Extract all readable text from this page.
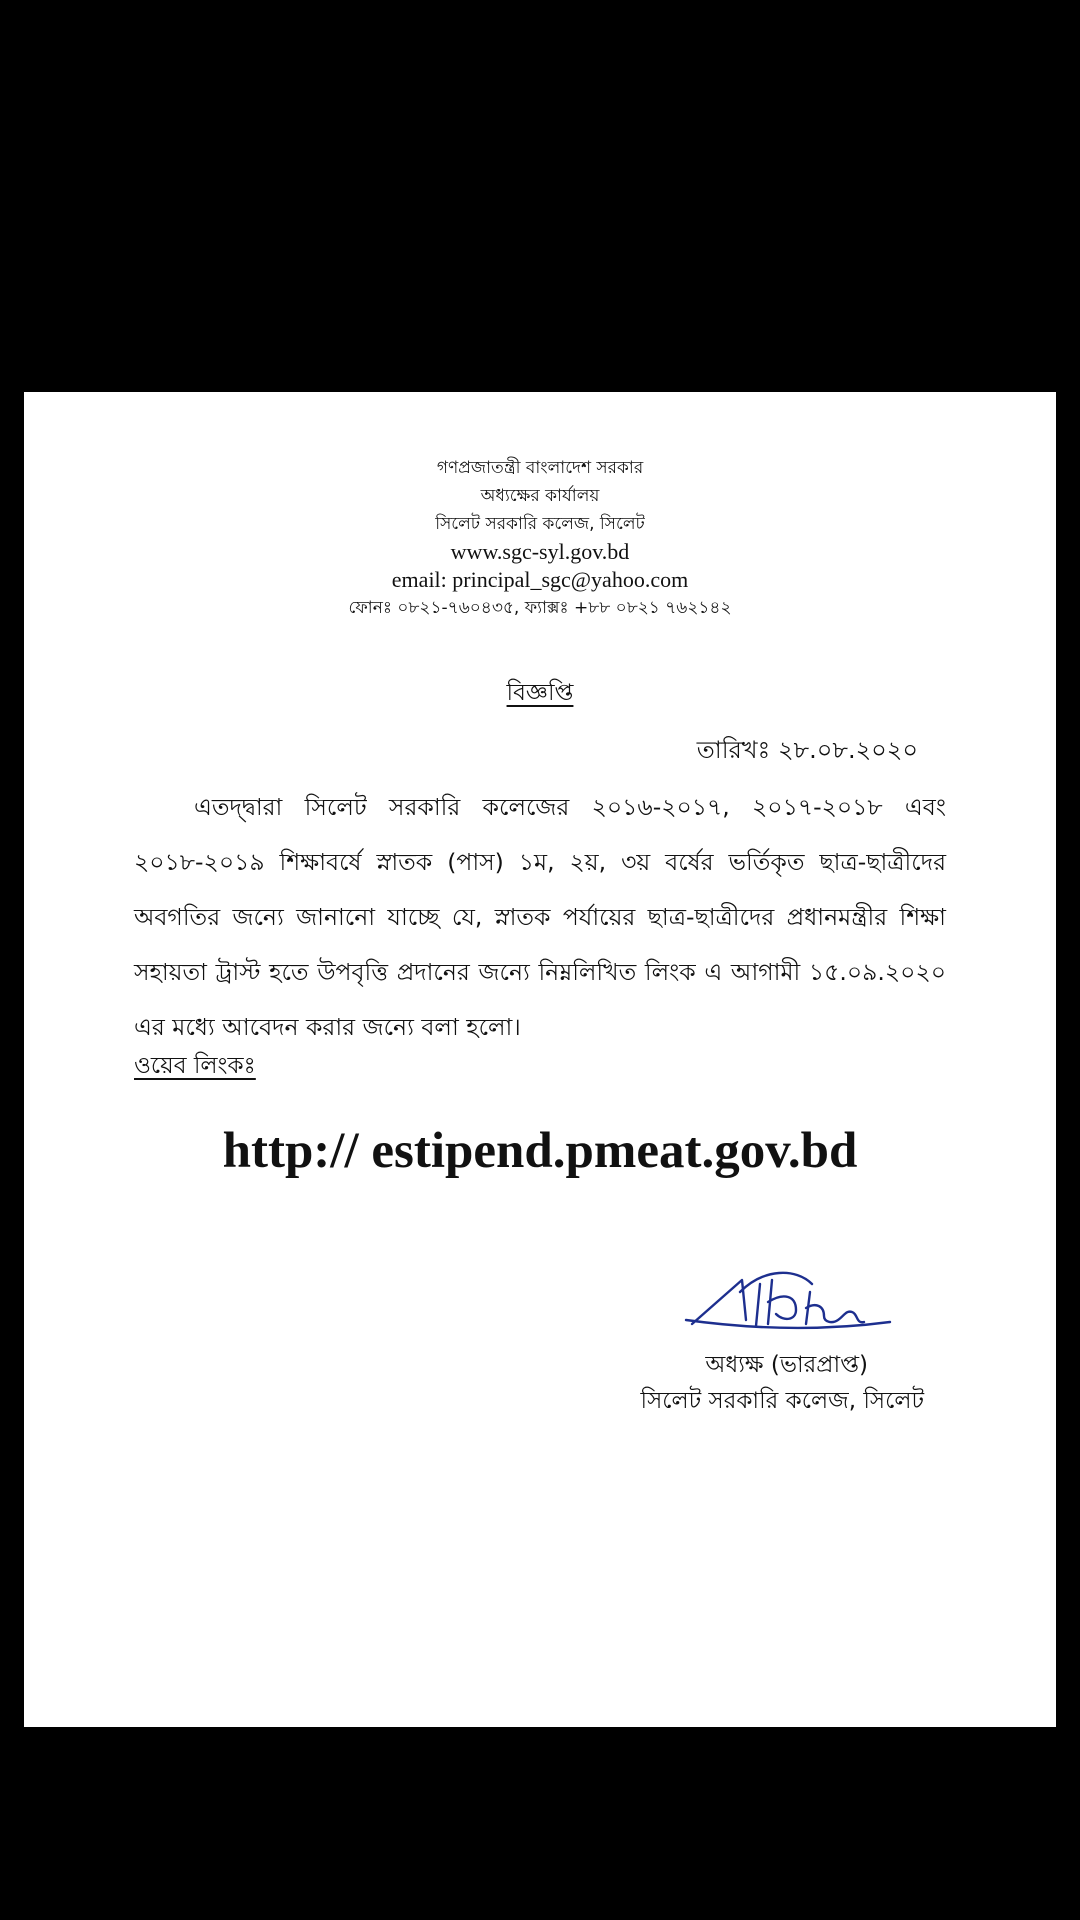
গণপ্রজাতন্ত্রী বাংলাদেশ সরকার
অধ্যক্ষের কার্যালয়
সিলেট সরকারি কলেজ, সিলেট
www.sgc-syl.gov.bd
email: principal_sgc@yahoo.com
ফোনঃ ০৮২১-৭৬০৪৩৫, ফ্যাক্সঃ +৮৮ ০৮২১ ৭৬২১৪২
বিজ্ঞপ্তি
তারিখঃ ২৮.০৮.২০২০

এতদ্দ্বারা সিলেট সরকারি কলেজের ২০১৬-২০১৭, ২০১৭-২০১৮ এবং ২০১৮-২০১৯ শিক্ষাবর্ষে স্নাতক (পাস) ১ম, ২য়, ৩য় বর্ষের ভর্তিকৃত ছাত্র-ছাত্রীদের অবগতির জন্যে জানানো যাচ্ছে যে, স্নাতক পর্যায়ের ছাত্র-ছাত্রীদের প্রধানমন্ত্রীর শিক্ষা সহায়তা ট্রাস্ট হতে উপবৃত্তি প্রদানের জন্যে নিম্নলিখিত লিংক এ আগামী ১৫.০৯.২০২০ এর মধ্যে আবেদন করার জন্যে বলা হলো।

ওয়েব লিংকঃ
http:// estipend.pmeat.gov.bd
অধ্যক্ষ (ভারপ্রাপ্ত)
সিলেট সরকারি কলেজ, সিলেট
